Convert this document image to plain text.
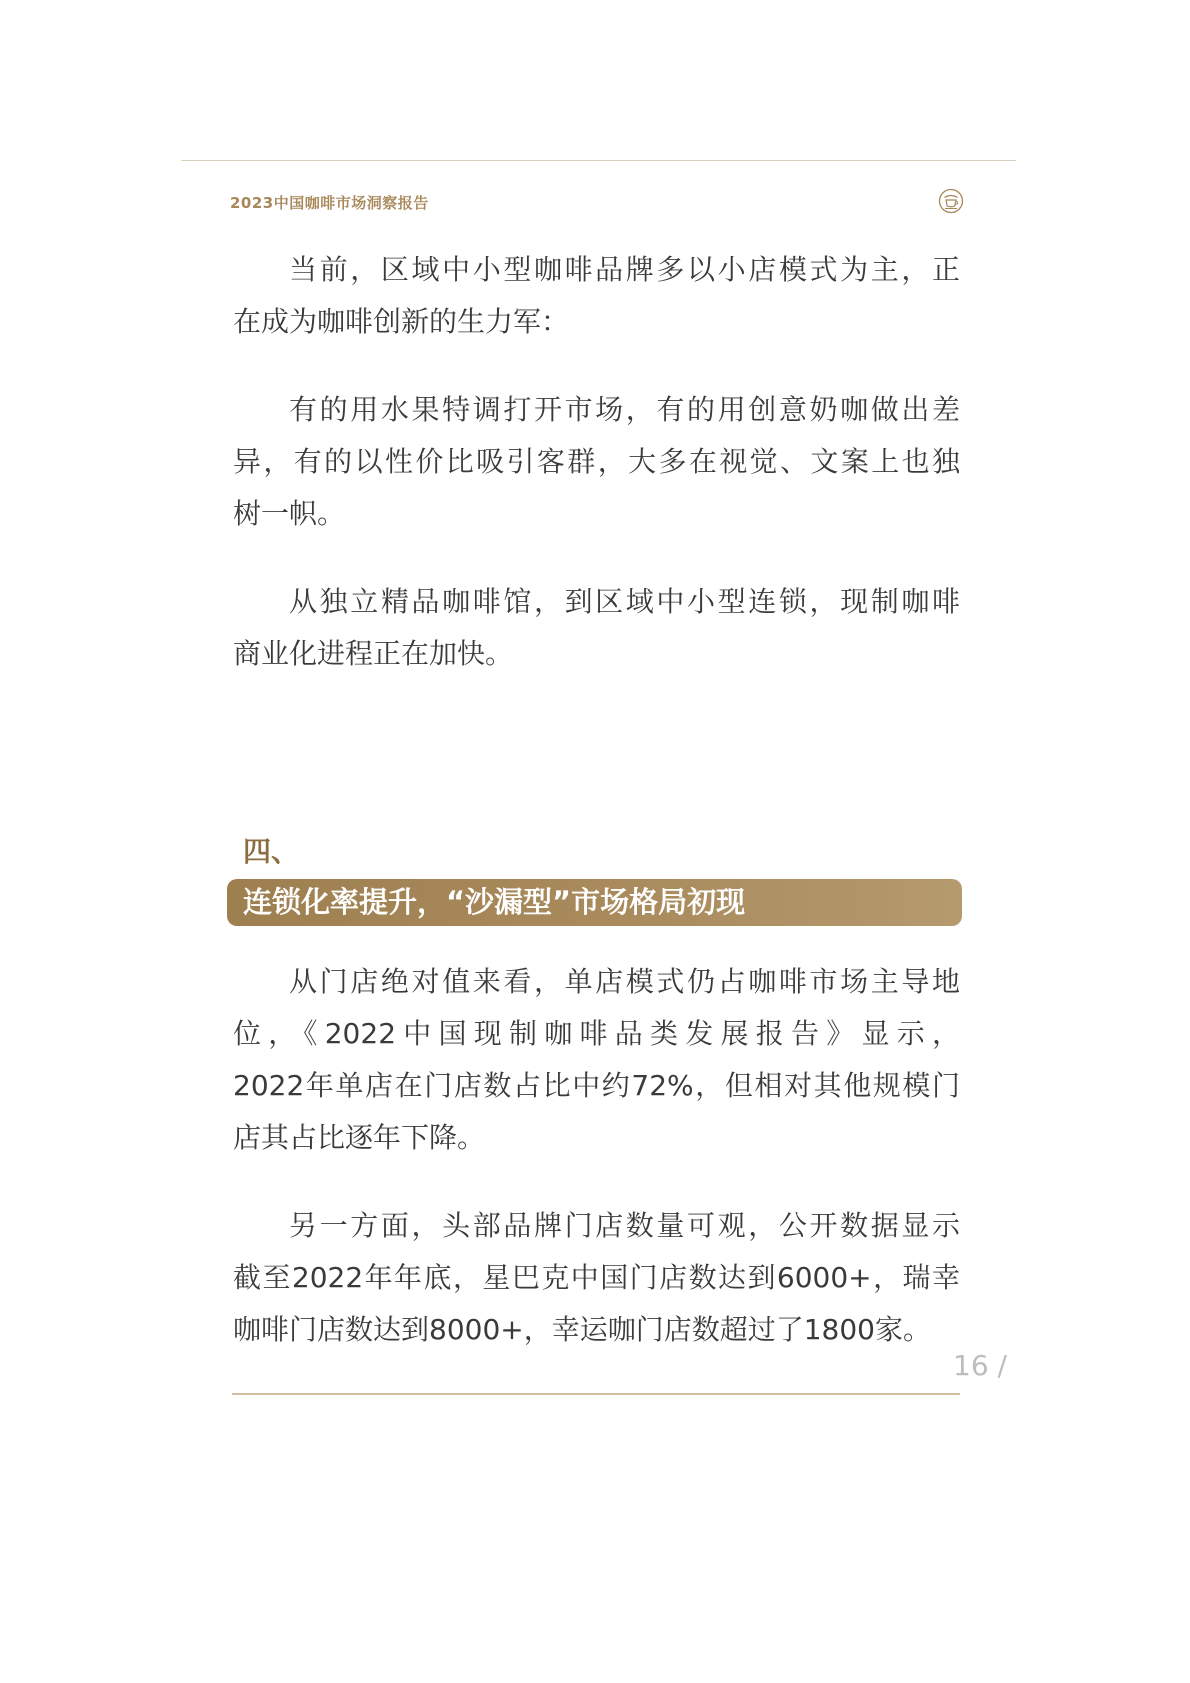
2023中国咖啡市场洞察报告

当前，区域中小型咖啡品牌多以小店模式为主，正
在成为咖啡创新的生力军：

有的用水果特调打开市场，有的用创意奶咖做出差
异，有的以性价比吸引客群，大多在视觉、文案上也独
树一帜。

从独立精品咖啡馆，到区域中小型连锁，现制咖啡
商业化进程正在加快。

四、
连锁化率提升，“沙漏型”市场格局初现

从门店绝对值来看，单店模式仍占咖啡市场主导地
位，《2022中国现制咖啡品类发展报告》显示，
2022年单店在门店数占比中约72%，但相对其他规模门
店其占比逐年下降。

另一方面，头部品牌门店数量可观，公开数据显示
截至2022年年底，星巴克中国门店数达到6000+，瑞幸
咖啡门店数达到8000+，幸运咖门店数超过了1800家。

16 /
